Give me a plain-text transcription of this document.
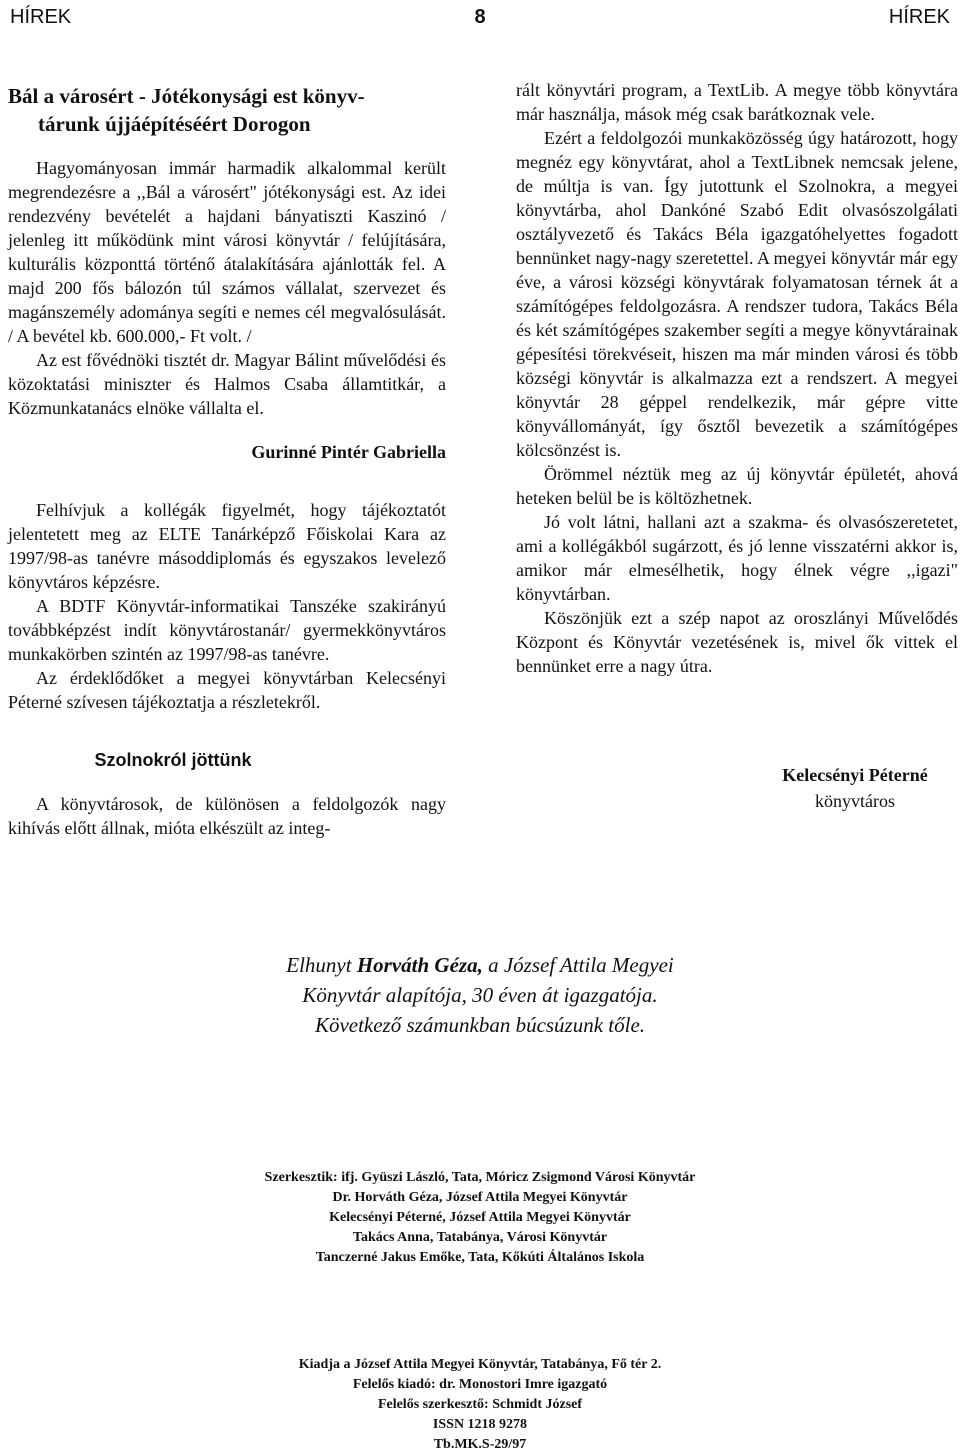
HÍREK	8	HÍREK
Bál a városért - Jótékonysági est könyv-
tárunk újjáépítéséért Dorogon

Hagyományosan immár harmadik alkalommal került megrendezésre a ,,Bál a városért" jótékonysági est. Az idei rendezvény bevételét a hajdani bányatiszti Kaszinó / jelenleg itt működünk mint városi könyvtár / felújítására, kulturális központtá történő átalakítására ajánlották fel. A majd 200 fős bálozón túl számos vállalat, szervezet és magánszemély adománya segíti e nemes cél megvalósulását. / A bevétel kb. 600.000,- Ft volt. /

Az est fővédnöki tisztét dr. Magyar Bálint művelődési és közoktatási miniszter és Halmos Csaba államtitkár, a Közmunkatanács elnöke vállalta el.

Gurinné Pintér Gabriella

Felhívjuk a kollégák figyelmét, hogy tájékoztatót jelentetett meg az ELTE Tanárképző Főiskolai Kara az 1997/98-as tanévre másoddiplomás és egyszakos levelező könyvtáros képzésre.

A BDTF Könyvtár-informatikai Tanszéke szakirányú továbbképzést indít könyvtárostanár/ gyermekkönyvtáros munkakörben szintén az 1997/98-as tanévre.

Az érdeklődőket a megyei könyvtárban Kelecsényi Péterné szívesen tájékoztatja a részletekről.

Szolnokról jöttünk

A könyvtárosok, de különösen a feldolgozók nagy kihívás előtt állnak, mióta elkészült az integ-

rált könyvtári program, a TextLib. A megye több könyvtára már használja, mások még csak barátkoznak vele.

Ezért a feldolgozói munkaközösség úgy határozott, hogy megnéz egy könyvtárat, ahol a TextLibnek nemcsak jelene, de múltja is van. Így jutottunk el Szolnokra, a megyei könyvtárba, ahol Dankóné Szabó Edit olvasószolgálati osztályvezető és Takács Béla igazgatóhelyettes fogadott bennünket nagy-nagy szeretettel. A megyei könyvtár már egy éve, a városi községi könyvtárak folyamatosan térnek át a számítógépes feldolgozásra. A rendszer tudora, Takács Béla és két számítógépes szakember segíti a megye könyvtárainak gépesítési törekvéseit, hiszen ma már minden városi és több községi könyvtár is alkalmazza ezt a rendszert. A megyei könyvtár 28 géppel rendelkezik, már gépre vitte könyvállományát, így ősztől bevezetik a számítógépes kölcsönzést is.

Örömmel néztük meg az új könyvtár épületét, ahová heteken belül be is költözhetnek.

Jó volt látni, hallani azt a szakma- és olvasószeretetet, ami a kollégákból sugárzott, és jó lenne visszatérni akkor is, amikor már elmesélhetik, hogy élnek végre ,,igazi" könyvtárban.

Köszönjük ezt a szép napot az oroszlányi Művelődés Központ és Könyvtár vezetésének is, mivel ők vittek el bennünket erre a nagy útra.

Kelecsényi Péterné
könyvtáros
Elhunyt Horváth Géza, a József Attila Megyei
Könyvtár alapítója, 30 éven át igazgatója.
Következő számunkban búcsúzunk tőle.
Szerkesztik: ifj. Gyüszi László, Tata, Móricz Zsigmond Városi Könyvtár
Dr. Horváth Géza, József Attila Megyei Könyvtár
Kelecsényi Péterné, József Attila Megyei Könyvtár
Takács Anna, Tatabánya, Városi Könyvtár
Tanczerné Jakus Emőke, Tata, Kőkúti Általános Iskola
Kiadja a József Attila Megyei Könyvtár, Tatabánya, Fő tér 2.
Felelős kiadó: dr. Monostori Imre igazgató
Felelős szerkesztő: Schmidt József
ISSN 1218 9278
Tb.MK.S-29/97
